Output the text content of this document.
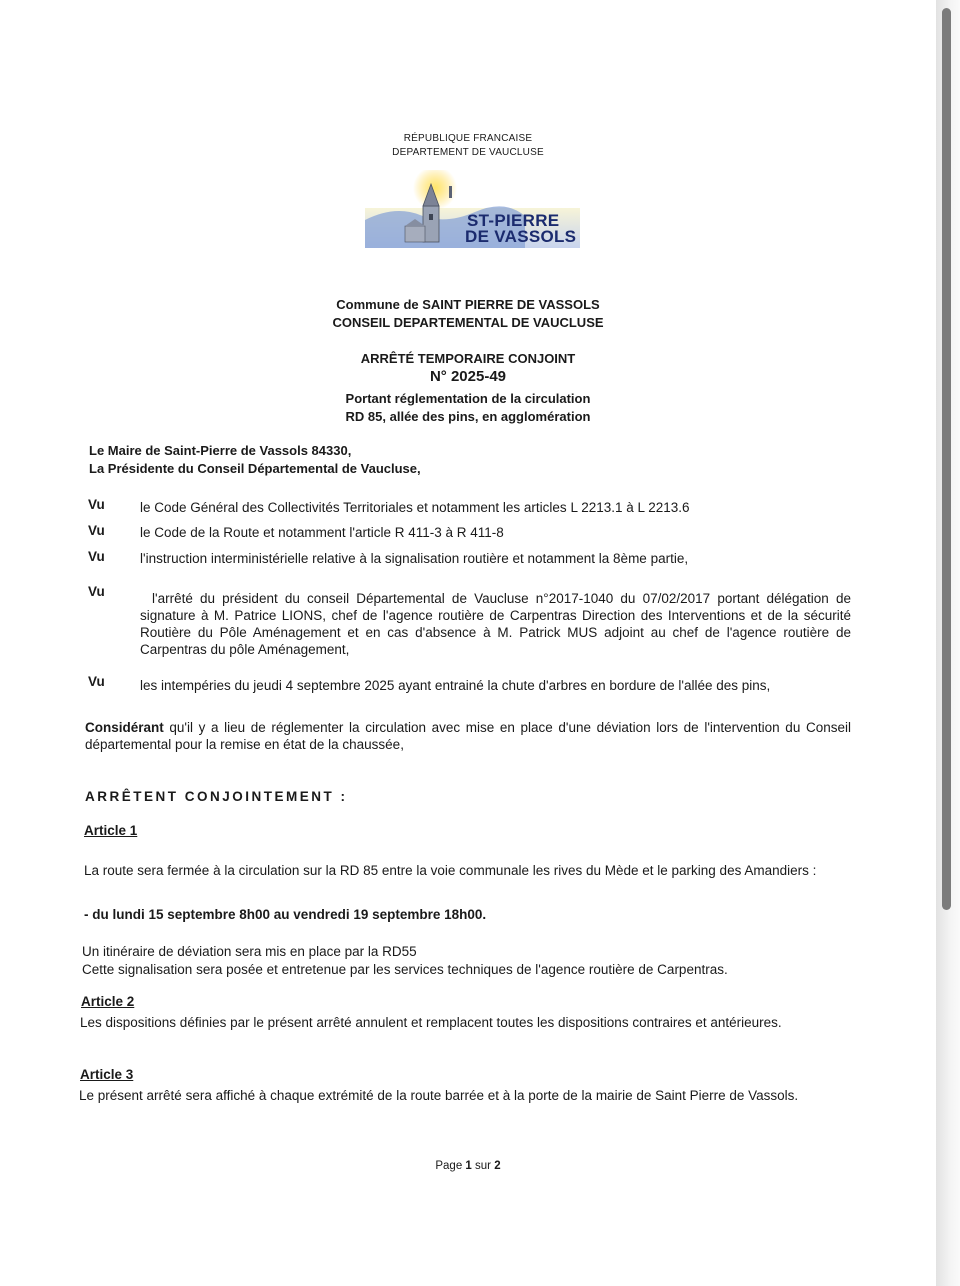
RÉPUBLIQUE FRANCAISE
DEPARTEMENT DE VAUCLUSE
ST-PIERRE
DE VASSOLS
Commune de SAINT PIERRE DE VASSOLS
CONSEIL DEPARTEMENTAL DE VAUCLUSE
ARRÊTÉ TEMPORAIRE CONJOINT
N° 2025-49
Portant réglementation de la circulation
RD 85, allée des pins, en agglomération
Le Maire de Saint-Pierre de Vassols 84330,
La Présidente du Conseil Départemental de Vaucluse,
Vu	le Code Général des Collectivités Territoriales et notamment les articles L 2213.1 à L 2213.6
Vu	le Code de la Route et notamment l'article R 411-3 à R 411-8
Vu	l'instruction interministérielle relative à la signalisation routière et notamment la 8ème partie,
Vu	l'arrêté du président du conseil Départemental de Vaucluse n°2017-1040 du 07/02/2017 portant délégation de signature à M. Patrice LIONS, chef de l'agence routière de Carpentras Direction des Interventions et de la sécurité Routière du Pôle Aménagement et en cas d'absence à M. Patrick MUS adjoint au chef de l'agence routière de Carpentras du pôle Aménagement,
Vu	les intempéries du jeudi 4 septembre 2025 ayant entrainé la chute d'arbres en bordure de l'allée des pins,
Considérant qu'il y a lieu de réglementer la circulation avec mise en place d'une déviation lors de l'intervention du Conseil départemental pour la remise en état de la chaussée,
ARRÊTENT CONJOINTEMENT :
Article 1
La route sera fermée à la circulation sur la RD 85 entre la voie communale les rives du Mède et le parking des Amandiers :
- du lundi 15 septembre 8h00 au vendredi 19 septembre 18h00.
Un itinéraire de déviation sera mis en place par la RD55
Cette signalisation sera posée et entretenue par les services techniques de l'agence routière de Carpentras.
Article 2
Les dispositions définies par le présent arrêté annulent et remplacent toutes les dispositions contraires et antérieures.
Article 3
Le présent arrêté sera affiché à chaque extrémité de la route barrée et à la porte de la mairie de Saint Pierre de Vassols.
Page 1 sur 2
